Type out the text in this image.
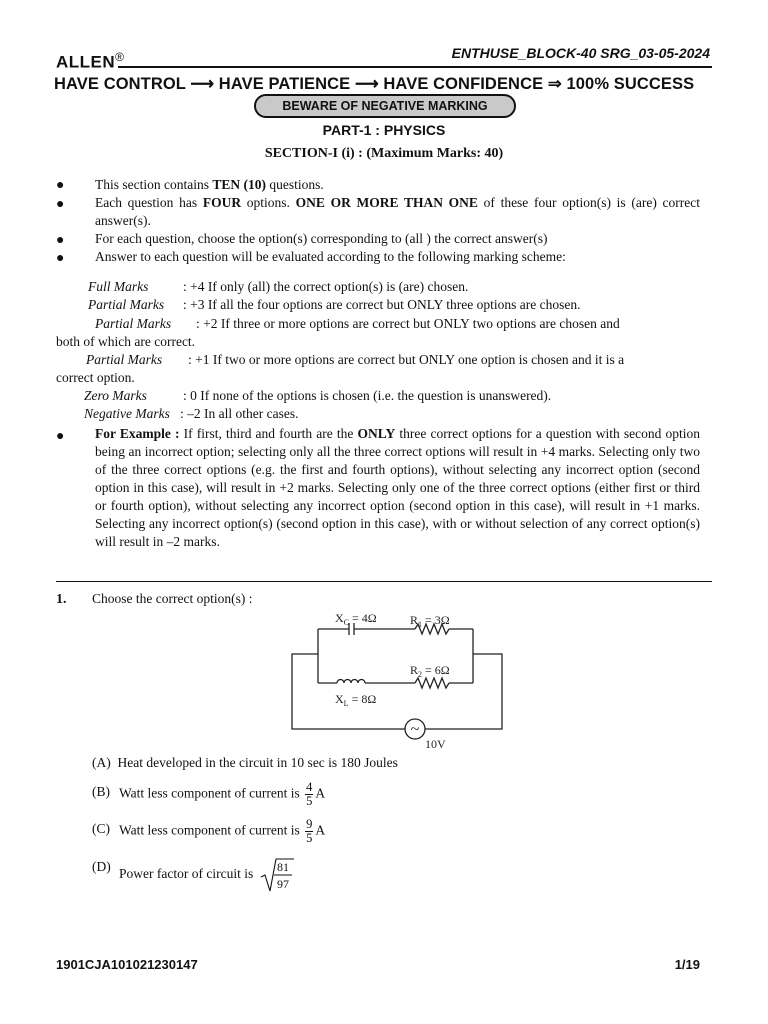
ALLEN®	ENTHUSE_BLOCK-40 SRG_03-05-2024
HAVE CONTROL ⟶ HAVE PATIENCE ⟶ HAVE CONFIDENCE ⇒ 100% SUCCESS
BEWARE OF NEGATIVE MARKING
PART-1 : PHYSICS
SECTION-I (i) : (Maximum Marks: 40)
● This section contains TEN (10) questions.
● Each question has FOUR options. ONE OR MORE THAN ONE of these four option(s) is (are) correct answer(s).
● For each question, choose the option(s) corresponding to (all ) the correct answer(s)
● Answer to each question will be evaluated according to the following marking scheme:
Full Marks	: +4 If only (all) the correct option(s) is (are) chosen.
Partial Marks : +3 If all the four options are correct but ONLY three options are chosen.
Partial Marks : +2 If three or more options are correct but ONLY two options are chosen and
both of which are correct.
Partial Marks : +1 If two or more options are correct but ONLY one option is chosen and it is a
correct option.
Zero Marks	: 0 If none of the options is chosen (i.e. the question is unanswered).
Negative Marks : –2 In all other cases.
● For Example : If first, third and fourth are the ONLY three correct options for a question with second option being an incorrect option; selecting only all the three correct options will result in +4 marks. Selecting only two of the three correct options (e.g. the first and fourth options), without selecting any incorrect option (second option in this case), will result in +2 marks. Selecting only one of the three correct options (either first or third or fourth option), without selecting any incorrect option (second option in this case), will result in +1 marks. Selecting any incorrect option(s) (second option in this case), with or without selection of any correct option(s) will result in –2 marks.
1. Choose the correct option(s) :
~
$X_C = 4\Omega$	$R_1 = 3\Omega$
$R_2 = 6\Omega$
$X_L = 8\Omega$
10V
(A) Heat developed in the circuit in 10 sec is 180 Joules
(B) Watt less component of current is $\frac{4}{5}$ A
(C) Watt less component of current is $\frac{9}{5}$ A
(D) Power factor of circuit is 81
97
1901CJA101021230147	1/19
